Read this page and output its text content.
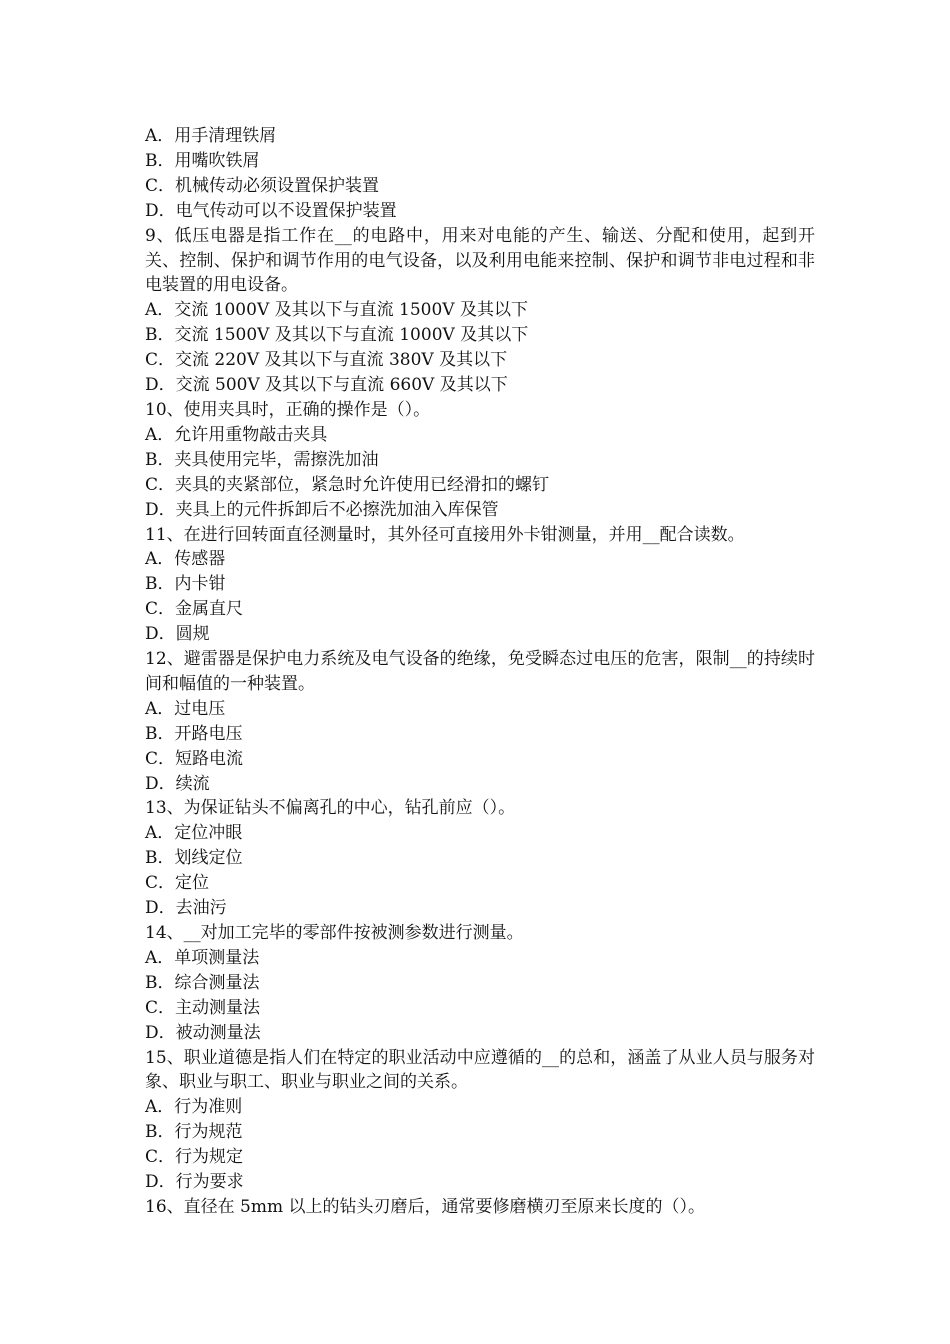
A．用手清理铁屑
B．用嘴吹铁屑
C．机械传动必须设置保护装置
D．电气传动可以不设置保护装置
9、低压电器是指工作在__的电路中，用来对电能的产生、输送、分配和使用，起到开关、控制、保护和调节作用的电气设备，以及利用电能来控制、保护和调节非电过程和非电装置的用电设备。
A．交流 1000V 及其以下与直流 1500V 及其以下
B．交流 1500V 及其以下与直流 1000V 及其以下
C．交流 220V 及其以下与直流 380V 及其以下
D．交流 500V 及其以下与直流 660V 及其以下
10、使用夹具时，正确的操作是（）。
A．允许用重物敲击夹具
B．夹具使用完毕，需擦洗加油
C．夹具的夹紧部位，紧急时允许使用已经滑扣的螺钉
D．夹具上的元件拆卸后不必擦洗加油入库保管
11、在进行回转面直径测量时，其外径可直接用外卡钳测量，并用__配合读数。
A．传感器
B．内卡钳
C．金属直尺
D．圆规
12、避雷器是保护电力系统及电气设备的绝缘，免受瞬态过电压的危害，限制__的持续时间和幅值的一种装置。
A．过电压
B．开路电压
C．短路电流
D．续流
13、为保证钻头不偏离孔的中心，钻孔前应（）。
A．定位冲眼
B．划线定位
C．定位
D．去油污
14、__对加工完毕的零部件按被测参数进行测量。
A．单项测量法
B．综合测量法
C．主动测量法
D．被动测量法
15、职业道德是指人们在特定的职业活动中应遵循的__的总和，涵盖了从业人员与服务对象、职业与职工、职业与职业之间的关系。
A．行为准则
B．行为规范
C．行为规定
D．行为要求
16、直径在 5mm 以上的钻头刃磨后，通常要修磨横刃至原来长度的（）。
